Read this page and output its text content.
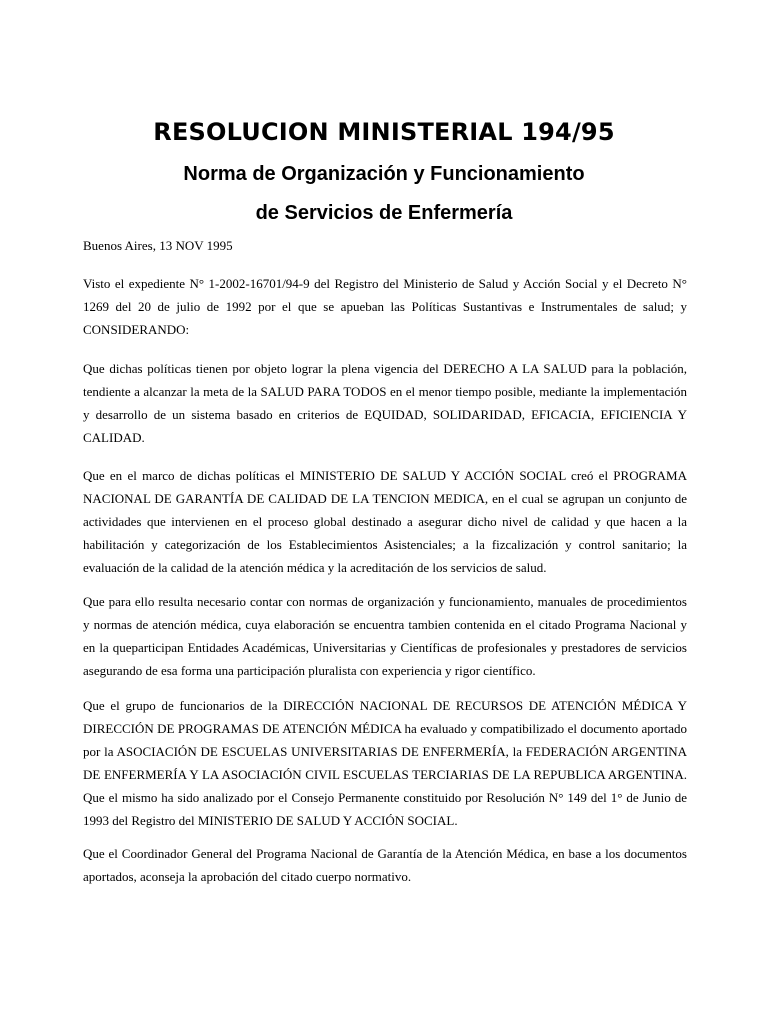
RESOLUCION MINISTERIAL 194/95
Norma de Organización y Funcionamiento
de Servicios de Enfermería

Buenos Aires, 13 NOV 1995

Visto el expediente N° 1-2002-16701/94-9 del Registro del Ministerio de Salud y Acción Social y el Decreto N° 1269 del 20 de julio de 1992 por el que se apueban las Políticas Sustantivas e Instrumentales de salud; y CONSIDERANDO:

Que dichas políticas tienen por objeto lograr la plena vigencia del DERECHO A LA SALUD para la población, tendiente a alcanzar la meta de la SALUD PARA TODOS en el menor tiempo posible, mediante la implementación y desarrollo de un sistema basado en criterios de EQUIDAD, SOLIDARIDAD, EFICACIA, EFICIENCIA Y CALIDAD.

Que en el marco de dichas políticas el MINISTERIO DE SALUD Y ACCIÓN SOCIAL creó el PROGRAMA NACIONAL DE GARANTÍA DE CALIDAD DE LA TENCION MEDICA, en el cual se agrupan un conjunto de actividades que intervienen en el proceso global destinado a asegurar dicho nivel de calidad y que hacen a la habilitación y categorización de los Establecimientos Asistenciales; a la fizcalización y control sanitario; la evaluación de la calidad de la atención médica y la acreditación de los servicios de salud.

Que para ello resulta necesario contar con normas de organización y funcionamiento, manuales de procedimientos y normas de atención médica, cuya elaboración se encuentra tambien contenida en el citado Programa Nacional y en la queparticipan Entidades Académicas, Universitarias y Científicas de profesionales y prestadores de servicios asegurando de esa forma una participación pluralista con experiencia y rigor científico.

Que el grupo de funcionarios de la DIRECCIÓN NACIONAL DE RECURSOS DE ATENCIÓN MÉDICA Y DIRECCIÓN DE PROGRAMAS DE ATENCIÓN MÉDICA ha evaluado y compatibilizado el documento aportado por la ASOCIACIÓN DE ESCUELAS UNIVERSITARIAS DE ENFERMERÍA, la FEDERACIÓN ARGENTINA DE ENFERMERÍA Y LA ASOCIACIÓN CIVIL ESCUELAS TERCIARIAS DE LA REPUBLICA ARGENTINA. Que el mismo ha sido analizado por el Consejo Permanente constituido por Resolución N° 149 del 1° de Junio de 1993 del Registro del MINISTERIO DE SALUD Y ACCIÓN SOCIAL.

Que el Coordinador General del Programa Nacional de Garantía de la Atención Médica, en base a los documentos aportados, aconseja la aprobación del citado cuerpo normativo.
